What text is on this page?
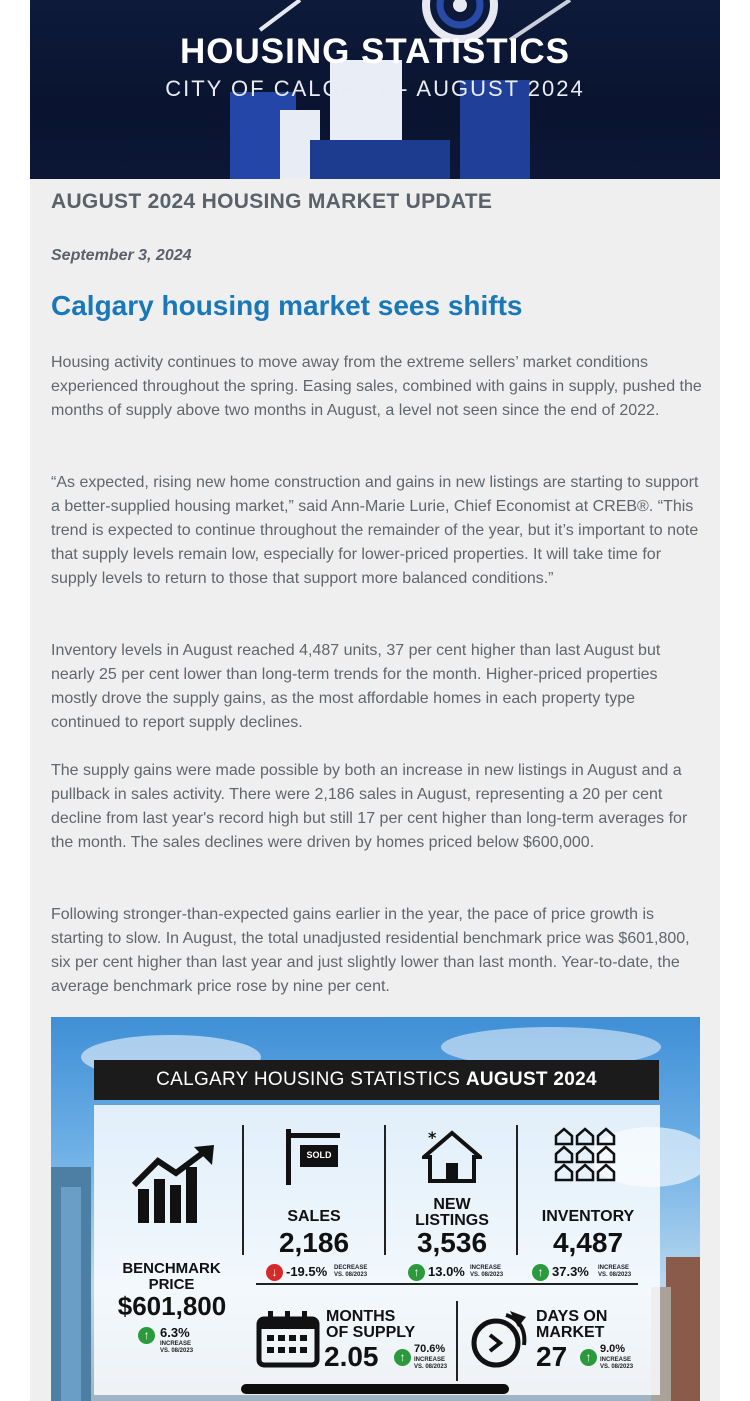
HOUSING STATISTICS
CITY OF CALGARY - AUGUST 2024
AUGUST 2024 HOUSING MARKET UPDATE
September 3, 2024
Calgary housing market sees shifts

Housing activity continues to move away from the extreme sellers’ market conditions experienced throughout the spring. Easing sales, combined with gains in supply, pushed the months of supply above two months in August, a level not seen since the end of 2022.

“As expected, rising new home construction and gains in new listings are starting to support a better-supplied housing market,” said Ann-Marie Lurie, Chief Economist at CREB®. “This trend is expected to continue throughout the remainder of the year, but it’s important to note that supply levels remain low, especially for lower-priced properties. It will take time for supply levels to return to those that support more balanced conditions.”

Inventory levels in August reached 4,487 units, 37 per cent higher than last August but nearly 25 per cent lower than long-term trends for the month. Higher-priced properties mostly drove the supply gains, as the most affordable homes in each property type continued to report supply declines.

The supply gains were made possible by both an increase in new listings in August and a pullback in sales activity. There were 2,186 sales in August, representing a 20 per cent decline from last year's record high but still 17 per cent higher than long-term averages for the month. The sales declines were driven by homes priced below $600,000.

Following stronger-than-expected gains earlier in the year, the pace of price growth is starting to slow. In August, the total unadjusted residential benchmark price was $601,800, six per cent higher than last year and just slightly lower than last month. Year-to-date, the average benchmark price rose by nine per cent.

CALGARY HOUSING STATISTICS AUGUST 2024
BENCHMARK
PRICE
$601,800
↑ 6.3%
INCREASE
VS. 08/2023
SOLD
SALES
2,186
↓ -19.5% DECREASE
VS. 08/2023
*
NEW
LISTINGS
3,536
↑ 13.0% INCREASE
VS. 08/2023
INVENTORY
4,487
↑ 37.3% INCREASE
VS. 08/2023
MONTHS
OF SUPPLY
2.05	↑
70.6%
INCREASE
VS. 08/2023
DAYS ON
MARKET
27	↑
9.0%
INCREASE
VS. 08/2023
